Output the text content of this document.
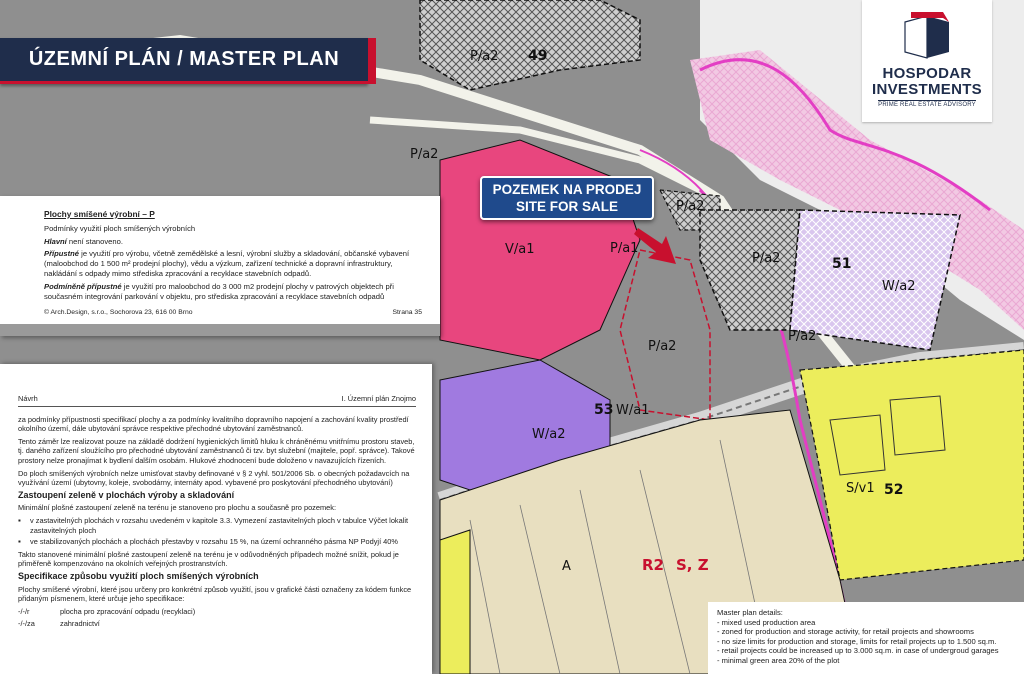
P/a2 49
P/a2
P/a2
P/a2	51
W/a2
P/a2
P/a1
V/a1
P/a2
W/a2
53 W/a1
S/v1 52
R2 S, Z
A
ÚZEMNÍ PLÁN / MASTER PLAN
HOSPODAR
INVESTMENTS
PRIME REAL ESTATE ADVISORY
POZEMEK NA PRODEJ
SITE FOR SALE
Plochy smíšené výrobní – P

Podmínky využití ploch smíšených výrobních

Hlavní není stanoveno.

Přípustné je využití pro výrobu, včetně zemědělské a lesní, výrobní služby a skladování, občanské vybavení (maloobchod do 1 500 m² prodejní plochy), vědu a výzkum, zařízení technické a dopravní infrastruktury, nakládání s odpady mimo střediska zpracování a recyklace stavebních odpadů.

Podmíněně přípustné je využití pro maloobchod do 3 000 m2 prodejní plochy v patrových objektech při současném integrování parkování v objektu, pro střediska zpracování a recyklace stavebních odpadů

© Arch.Design, s.r.o., Sochorova 23, 616 00 Brno	Strana 35
Návrh	I. Územní plán Znojmo

za podmínky přípustnosti specifikací plochy a za podmínky kvalitního dopravního napojení a zachování kvality prostředí okolního území, dále ubytování správce respektive přechodné ubytování zaměstnanců.

Tento záměr lze realizovat pouze na základě dodržení hygienických limitů hluku k chráněnému vnitřnímu prostoru staveb, tj. daného zařízení sloužícího pro přechodné ubytování zaměstnanců či tzv. byt služební (majitele, popř. správce). Takové prostory nelze pronajímat k bydlení dalším osobám. Hlukové zhodnocení bude doloženo v navazujících řízeních.

Do ploch smíšených výrobních nelze umisťovat stavby definované v § 2 vyhl. 501/2006 Sb. o obecných požadavcích na využívání území (ubytovny, koleje, svobodárny, internáty apod. vybavené pro poskytování přechodného ubytování)

Zastoupení zeleně v plochách výroby a skladování

Minimální plošné zastoupení zeleně na terénu je stanoveno pro plochu a současně pro pozemek:

▪ v zastavitelných plochách v rozsahu uvedeném v kapitole 3.3. Vymezení zastavitelných ploch v tabulce Výčet lokalit zastavitelných ploch
▪ ve stabilizovaných plochách a plochách přestavby v rozsahu 15 %, na území ochranného pásma NP Podyjí 40%

Takto stanovené minimální plošné zastoupení zeleně na terénu je v odůvodněných případech možné snížit, pokud je přiměřeně kompenzováno na okolních veřejných prostranstvích.

Specifikace způsobu využití ploch smíšených výrobních

Plochy smíšené výrobní, které jsou určeny pro konkrétní způsob využití, jsou v grafické části označeny za kódem funkce přidaným písmenem, které určuje jeho specifikace:

-/-/r	plocha pro zpracování odpadu (recyklaci)
-/-/za	zahradnictví
Master plan details:
- mixed used production area
- zoned for production and storage activity, for retail projects and showrooms
- no size limits for production and storage, limits for retail projects up to 1.500 sq.m.
- retail projects could be increased up to 3.000 sq.m. in case of undergroud garages
- minimal green area 20% of the plot
